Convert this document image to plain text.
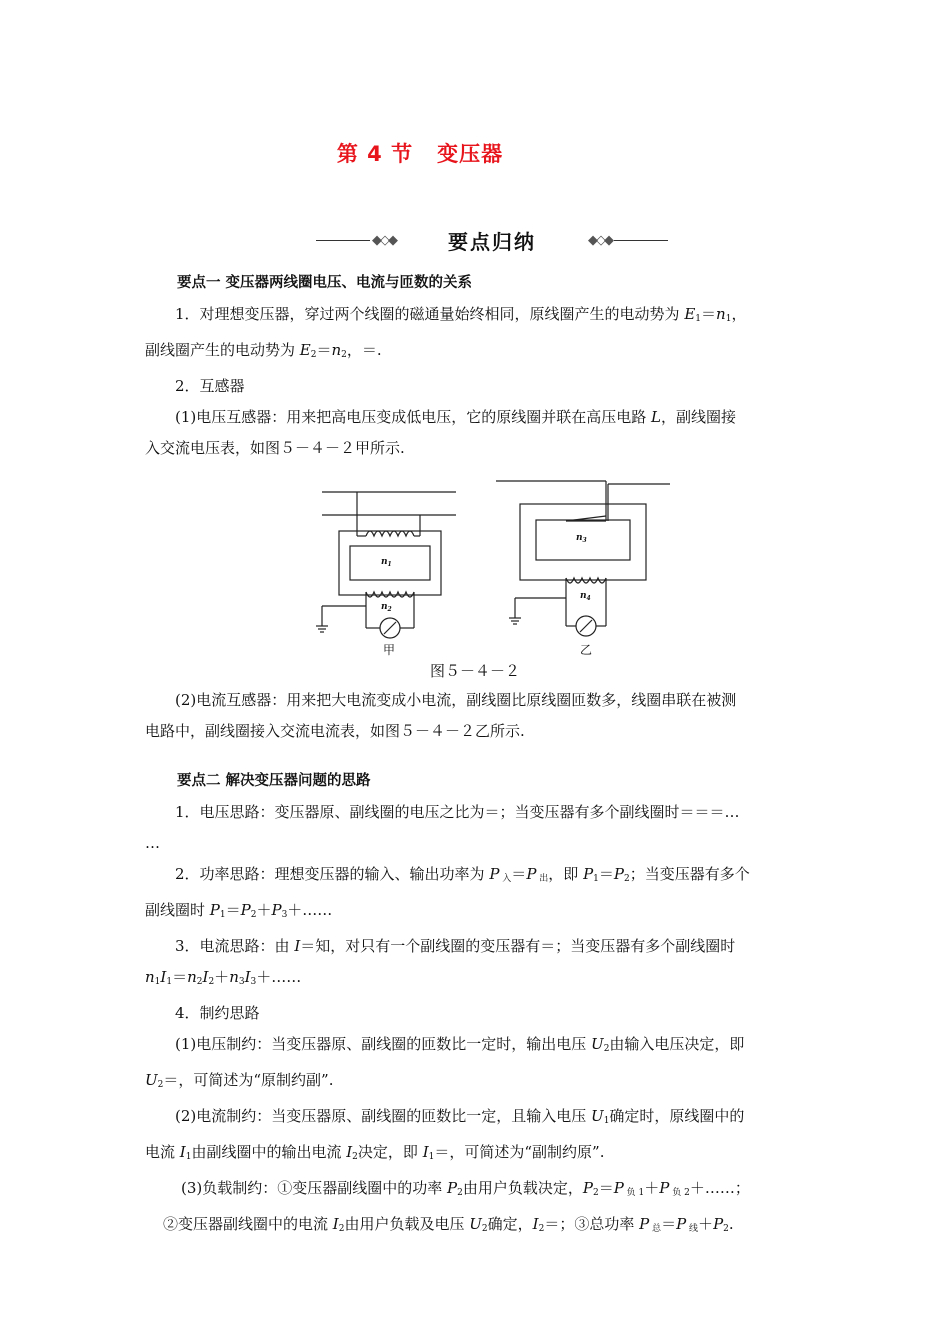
第 4 节 变压器
◆◇◆	要点归纳	◆◇◆

要点一 变压器两线圈电压、电流与匝数的关系

1．对理想变压器，穿过两个线圈的磁通量始终相同，原线圈产生的电动势为 $E_1=n_1$，

副线圈产生的电动势为 $E_2=n_2$，＝.

2．互感器

(1)电压互感器：用来把高电压变成低电压，它的原线圈并联在高压电路 L，副线圈接

入交流电压表，如图５－４－２甲所示.

$n_1$
$n_2$
$n_3$
$n_4$
甲	乙
图５－４－２

(2)电流互感器：用来把大电流变成小电流，副线圈比原线圈匝数多，线圈串联在被测

电路中，副线圈接入交流电流表，如图５－４－２乙所示.

要点二 解决变压器问题的思路

1．电压思路：变压器原、副线圈的电压之比为＝；当变压器有多个副线圈时＝＝＝…

…

2．功率思路：理想变压器的输入、输出功率为 P $_入$＝P $_出$，即 $P_1=P_2$；当变压器有多个

副线圈时 $P_1=P_2+P_3+\dots\dots$

3．电流思路：由 I＝知，对只有一个副线圈的变压器有＝；当变压器有多个副线圈时

$n_1I_1=n_2I_2+n_3I_3+\dots\dots$

4．制约思路

(1)电压制约：当变压器原、副线圈的匝数比一定时，输出电压 $U_2$由输入电压决定，即

$U_2=$，可简述为“原制约副”.

(2)电流制约：当变压器原、副线圈的匝数比一定，且输入电压 $U_1$确定时，原线圈中的

电流 $I_1$由副线圈中的输出电流 $I_2$决定，即 $I_1=$，可简述为“副制约原”.

(3)负载制约：①变压器副线圈中的功率 $P_2$由用户负载决定，$P_2=P$ $_{负 1}$＋P $_{负 2}$＋……；

②变压器副线圈中的电流 $I_2$由用户负载及电压 $U_2$确定，$I_2=$；③总功率 P $_总$＝P $_线+P_2$.
